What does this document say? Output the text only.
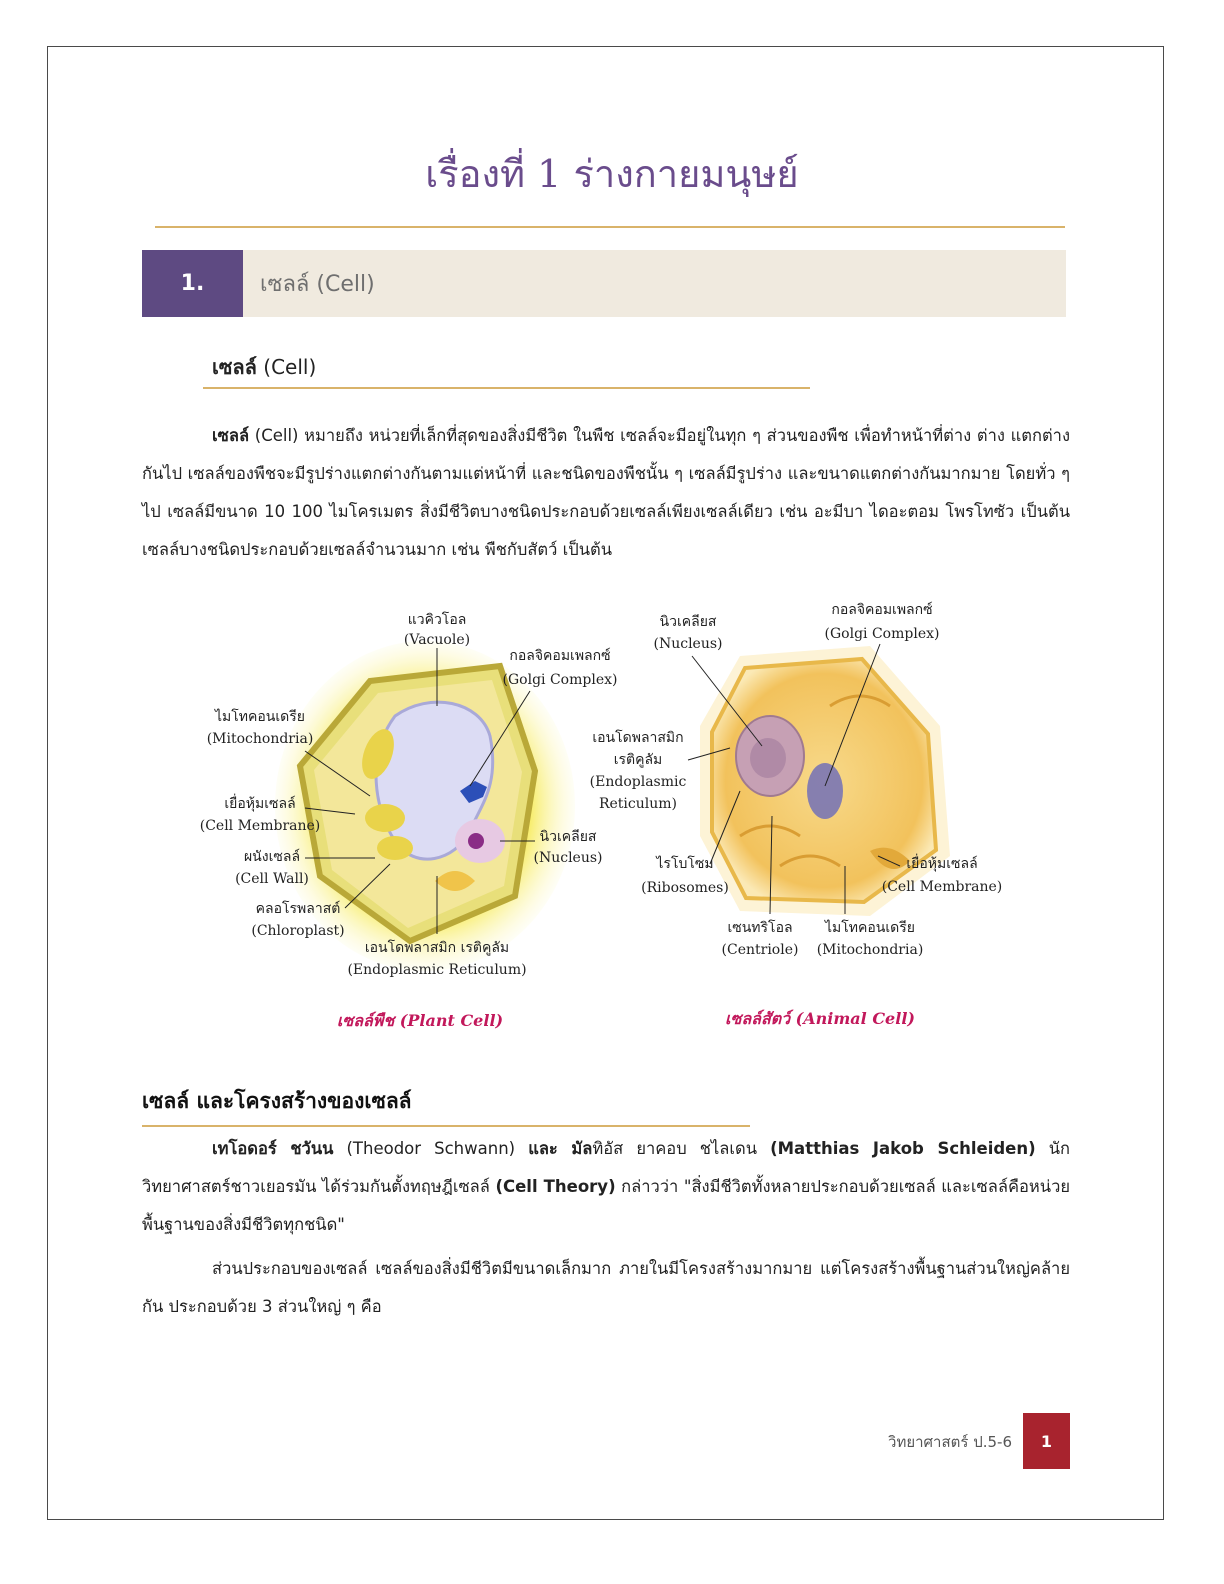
เรื่องที่ 1 ร่างกายมนุษย์
1.	เซลล์ (Cell)
เซลล์ (Cell)
เซลล์ (Cell) หมายถึง หน่วยที่เล็กที่สุดของสิ่งมีชีวิต ในพืช เซลล์จะมีอยู่ในทุก ๆ ส่วนของพืช เพื่อทำหน้าที่ต่าง ต่าง แตกต่างกันไป เซลล์ของพืชจะมีรูปร่างแตกต่างกันตามแต่หน้าที่ และชนิดของพืชนั้น ๆ เซลล์มีรูปร่าง และขนาดแตกต่างกันมากมาย โดยทั่ว ๆ ไป เซลล์มีขนาด 10 100 ไมโครเมตร สิ่งมีชีวิตบางชนิดประกอบด้วยเซลล์เพียงเซลล์เดียว เช่น อะมีบา ไดอะตอม โพรโทซัว เป็นต้น เซลล์บางชนิดประกอบด้วยเซลล์จำนวนมาก เช่น พืชกับสัตว์ เป็นต้น
แวคิวโอล
(Vacuole)
กอลจิคอมเพลกซ์
(Golgi Complex)
ไมโทคอนเดรีย
(Mitochondria)
เยื่อหุ้มเซลล์
(Cell Membrane)
ผนังเซลล์
(Cell Wall)
คลอโรพลาสต์
(Chloroplast)
เอนโดพลาสมิก เรติคูลัม
(Endoplasmic Reticulum)
นิวเคลียส
(Nucleus)
เซลล์พืช (Plant Cell)
นิวเคลียส
(Nucleus)
กอลจิคอมเพลกซ์
(Golgi Complex)
เอนโดพลาสมิก
เรติคูลัม
(Endoplasmic
Reticulum)
ไรโบโซม
(Ribosomes)
เซนทริโอล
(Centriole)
ไมโทคอนเดรีย
(Mitochondria)
เยื่อหุ้มเซลล์
(Cell Membrane)
เซลล์สัตว์ (Animal Cell)
เซลล์ และโครงสร้างของเซลล์
เทโอดอร์ ชวันน (Theodor Schwann) และ มัลทิอัส ยาคอบ ชไลเดน (Matthias Jakob Schleiden) นักวิทยาศาสตร์ชาวเยอรมัน ได้ร่วมกันตั้งทฤษฎีเซลล์ (Cell Theory) กล่าวว่า "สิ่งมีชีวิตทั้งหลายประกอบด้วยเซลล์ และเซลล์คือหน่วยพื้นฐานของสิ่งมีชีวิตทุกชนิด"
ส่วนประกอบของเซลล์ เซลล์ของสิ่งมีชีวิตมีขนาดเล็กมาก ภายในมีโครงสร้างมากมาย แต่โครงสร้างพื้นฐานส่วนใหญ่คล้ายกัน ประกอบด้วย 3 ส่วนใหญ่ ๆ คือ
วิทยาศาสตร์ ป.5-6	1
